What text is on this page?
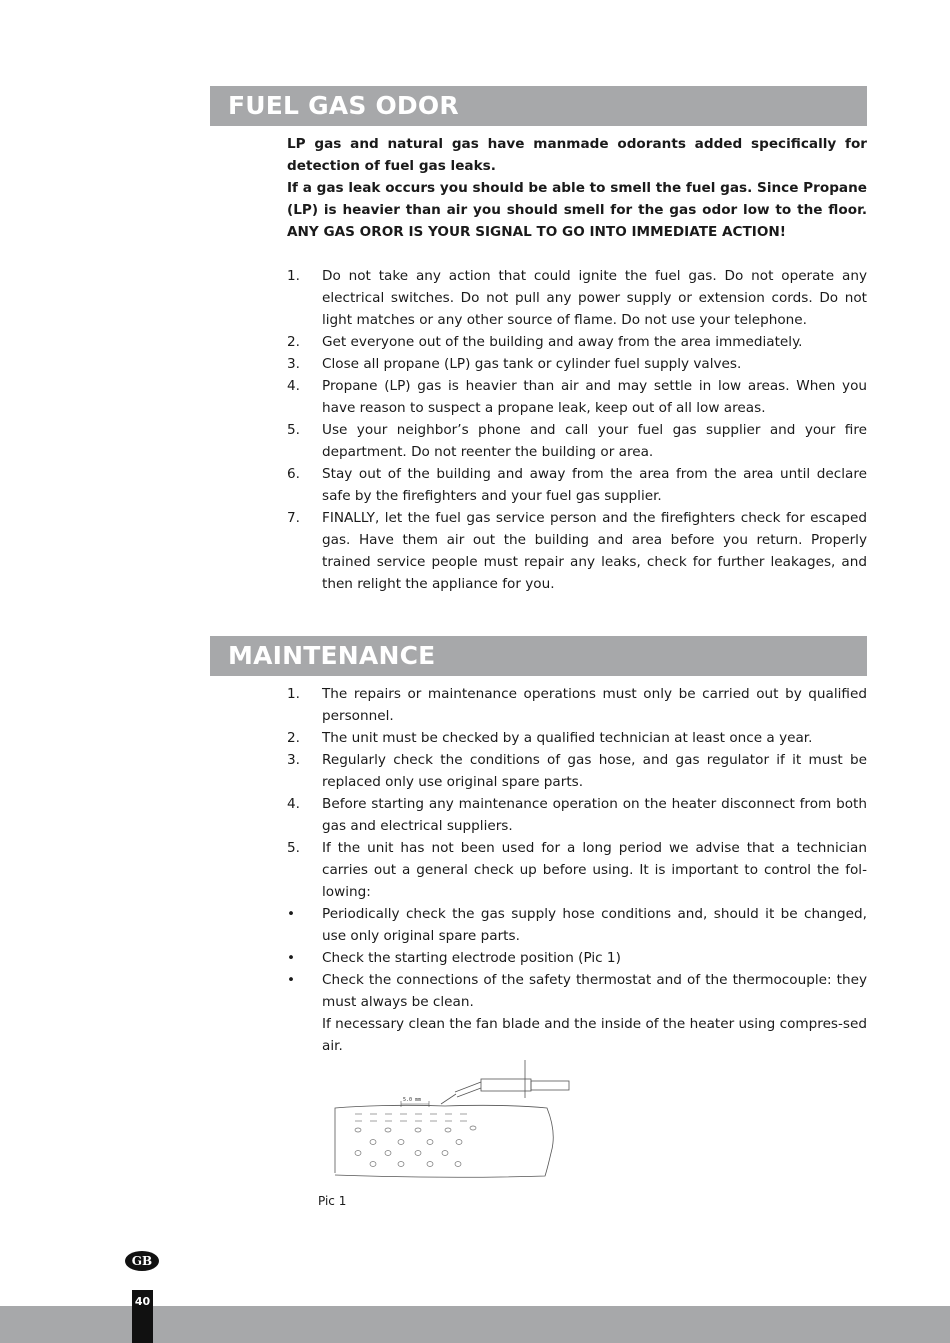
FUEL GAS ODOR

LP gas and natural gas have manmade odorants added specifically for detection of fuel gas leaks.

If a gas leak occurs you should be able to smell the fuel gas. Since Propane (LP) is heavier than air you should smell for the gas odor low to the floor. ANY GAS OROR IS YOUR SIGNAL TO GO INTO IMMEDIATE ACTION!

1. Do not take any action that could ignite the fuel gas. Do not operate any electrical switches. Do not pull any power supply or extension cords. Do not light matches or any other source of flame. Do not use your telephone.
2. Get everyone out of the building and away from the area immediately.
3. Close all propane (LP) gas tank or cylinder fuel supply valves.
4. Propane (LP) gas is heavier than air and may settle in low areas. When you have reason to suspect a propane leak, keep out of all low areas.
5. Use your neighbor’s phone and call your fuel gas supplier and your fire department. Do not reenter the building or area.
6. Stay out of the building and away from the area from the area until declare safe by the firefighters and your fuel gas supplier.
7. FINALLY, let the fuel gas service person and the firefighters check for escaped gas. Have them air out the building and area before you return. Properly trained service people must repair any leaks, check for further leakages, and then relight the appliance for you.
MAINTENANCE
1. The repairs or maintenance operations must only be carried out by qualified personnel.
2. The unit must be checked by a qualified technician at least once a year.
3. Regularly check the conditions of gas hose, and gas regulator if it must be replaced only use original spare parts.
4. Before starting any maintenance operation on the heater disconnect from both gas and electrical suppliers.
5. If the unit has not been used for a long period we advise that a technician carries out a general check up before using. It is important to control the fol-lowing:
• Periodically check the gas supply hose conditions and, should it be changed, use only original spare parts.
• Check the starting electrode position (Pic 1)
• Check the connections of the safety thermostat and of the thermocouple: they must always be clean.
If necessary clean the fan blade and the inside of the heater using compres-sed air.
5.0 mm
Pic 1
GB
40
